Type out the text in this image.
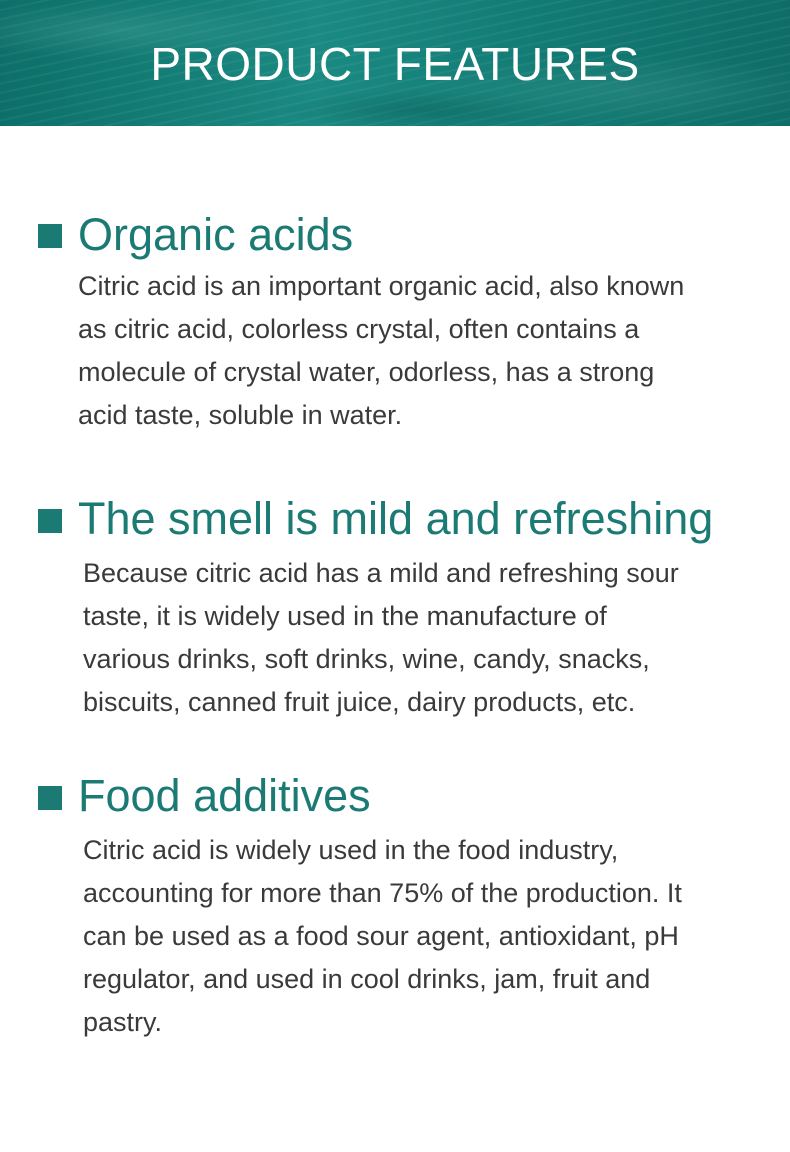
PRODUCT FEATURES
Organic acids
Citric acid is an important organic acid, also known
as citric acid, colorless crystal, often contains a
molecule of crystal water, odorless, has a strong
acid taste, soluble in water.
The smell is mild and refreshing
Because citric acid has a mild and refreshing sour
taste, it is widely used in the manufacture of
various drinks, soft drinks, wine, candy, snacks,
biscuits, canned fruit juice, dairy products, etc.
Food additives
Citric acid is widely used in the food industry,
accounting for more than 75% of the production. It
can be used as a food sour agent, antioxidant, pH
regulator, and used in cool drinks, jam, fruit and
pastry.
